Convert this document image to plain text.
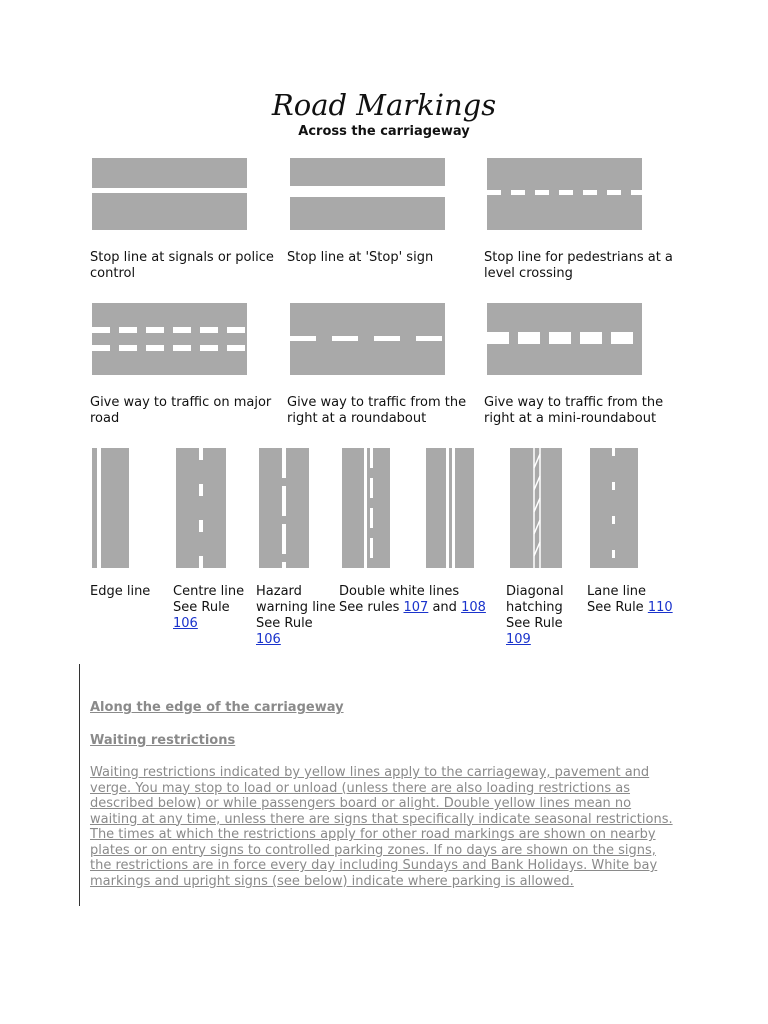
Road Markings
Across the carriageway
Stop line at signals or police
control
Stop line at 'Stop' sign	Stop line for pedestrians at a
level crossing
Give way to traffic on major
road
Give way to traffic from the
right at a roundabout
Give way to traffic from the
right at a mini-roundabout
Edge line Centre line
See Rule
106
Hazard
warning line
See Rule
106
Double white lines
See rules 107 and 108
Diagonal
hatching
See Rule
109
Lane line
See Rule 110
Along the edge of the carriageway
Waiting restrictions
Waiting restrictions indicated by yellow lines apply to the carriageway, pavement and verge. You may stop to load or unload (unless there are also loading restrictions as described below) or while passengers board or alight. Double yellow lines mean no waiting at any time, unless there are signs that specifically indicate seasonal restrictions. The times at which the restrictions apply for other road markings are shown on nearby plates or on entry signs to controlled parking zones. If no days are shown on the signs, the restrictions are in force every day including Sundays and Bank Holidays. White bay markings and upright signs (see below) indicate where parking is allowed.
